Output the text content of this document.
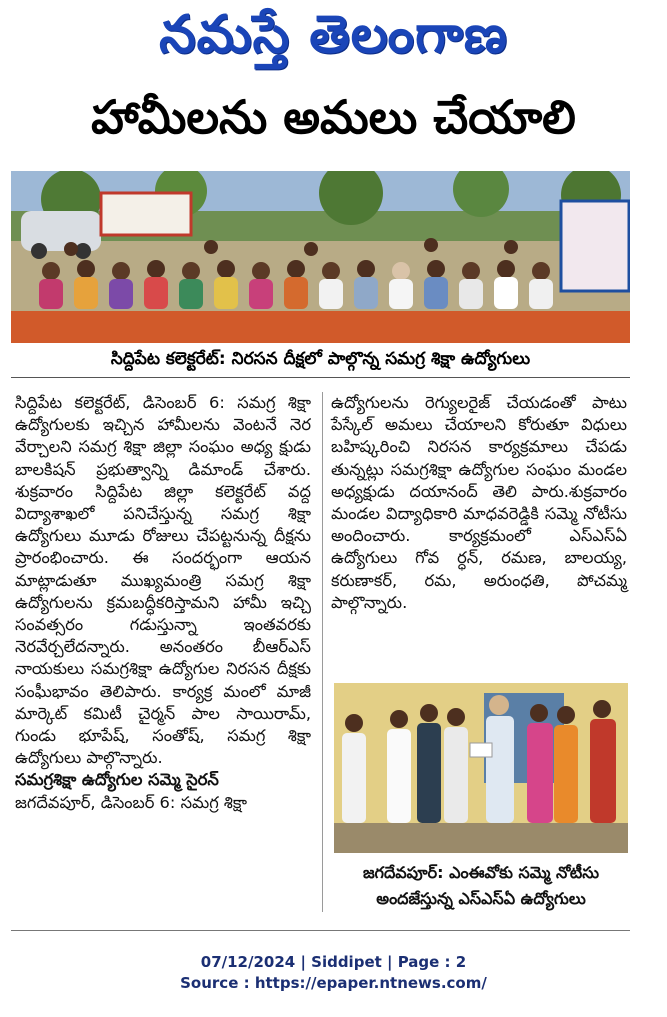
నమస్తే తెలంగాణ
హామీలను అమలు చేయాలి
సిద్దిపేట కలెక్టరేట్: నిరసన దీక్షలో పాల్గొన్న సమగ్ర శిక్షా ఉద్యోగులు

సిద్దిపేట కలెక్టరేట్, డిసెంబర్ 6: సమగ్ర శిక్షా ఉద్యోగులకు ఇచ్చిన హామీలను వెంటనే నెర వేర్చాలని సమగ్ర శిక్షా జిల్లా సంఘం అధ్య క్షుడు బాలకిషన్ ప్రభుత్వాన్ని డిమాండ్ చేశారు. శుక్రవారం సిద్దిపేట జిల్లా కలెక్టరేట్ వద్ద విద్యాశాఖలో పనిచేస్తున్న సమగ్ర శిక్షా ఉద్యోగులు మూడు రోజులు చేపట్టనున్న దీక్షను ప్రారంభించారు. ఈ సందర్భంగా ఆయన మాట్లాడుతూ ముఖ్యమంత్రి సమగ్ర శిక్షా ఉద్యోగులను క్రమబద్ధీకరిస్తామని హామీ ఇచ్చి సంవత్సరం గడుస్తున్నా ఇంతవరకు నెరవేర్చలేదన్నారు. అనంతరం బీఆర్ఎస్ నాయకులు సమగ్రశిక్షా ఉద్యోగుల నిరసన దీక్షకు సంఘీభావం తెలిపారు. కార్యక్ర మంలో మాజీ మార్కెట్ కమిటీ చైర్మన్ పాల సాయిరామ్, గుండు భూపేష్, సంతోష్, సమగ్ర శిక్షా ఉద్యోగులు పాల్గొన్నారు.

సమగ్రశిక్షా ఉద్యోగుల సమ్మె సైరన్

జగదేవపూర్, డిసెంబర్ 6: సమగ్ర శిక్షా

ఉద్యోగులను రెగ్యులరైజ్ చేయడంతో పాటు పేస్కేల్ అమలు చేయాలని కోరుతూ విధులు బహిష్కరించి నిరసన కార్యక్రమాలు చేపడు తున్నట్లు సమగ్రశిక్షా ఉద్యోగుల సంఘం మండల అధ్యక్షుడు దయానంద్ తెలి పారు.శుక్రవారం మండల విద్యాధికారి మాధవరెడ్డికి సమ్మె నోటీసు అందించారు. కార్యక్రమంలో ఎస్ఎస్ఏ ఉద్యోగులు గోవ ర్ధన్, రమణ, బాలయ్య, కరుణాకర్, రమ, అరుంధతి, పోచమ్మ పాల్గొన్నారు.

జగదేవపూర్: ఎంఈవోకు సమ్మె నోటీసు అందజేస్తున్న ఎస్ఎస్ఏ ఉద్యోగులు
07/12/2024 | Siddipet | Page : 2
Source : https://epaper.ntnews.com/
